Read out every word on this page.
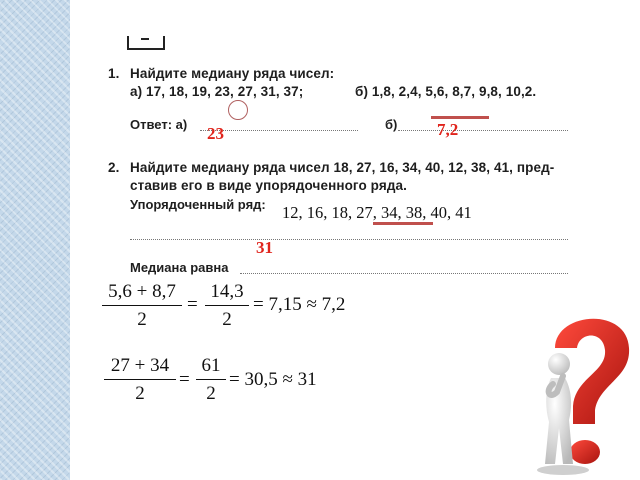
1. Найдите медиану ряда чисел:
а) 17, 18, 19, 23, 27, 31, 37;	б) 1,8, 2,4, 5,6, 8,7, 9,8, 10,2.
Ответ: а)	б)
23	7,2
2. Найдите медиану ряда чисел 18, 27, 16, 34, 40, 12, 38, 41, пред-
ставив его в виде упорядоченного ряда.
Упорядоченный ряд: 12, 16, 18, 27, 34, 38, 40, 41
31
Медиана равна
5,6 + 8,7
2
=
14,3
2
= 7,15 ≈ 7,2
27 + 34
2
=
61
2
= 30,5 ≈ 31
